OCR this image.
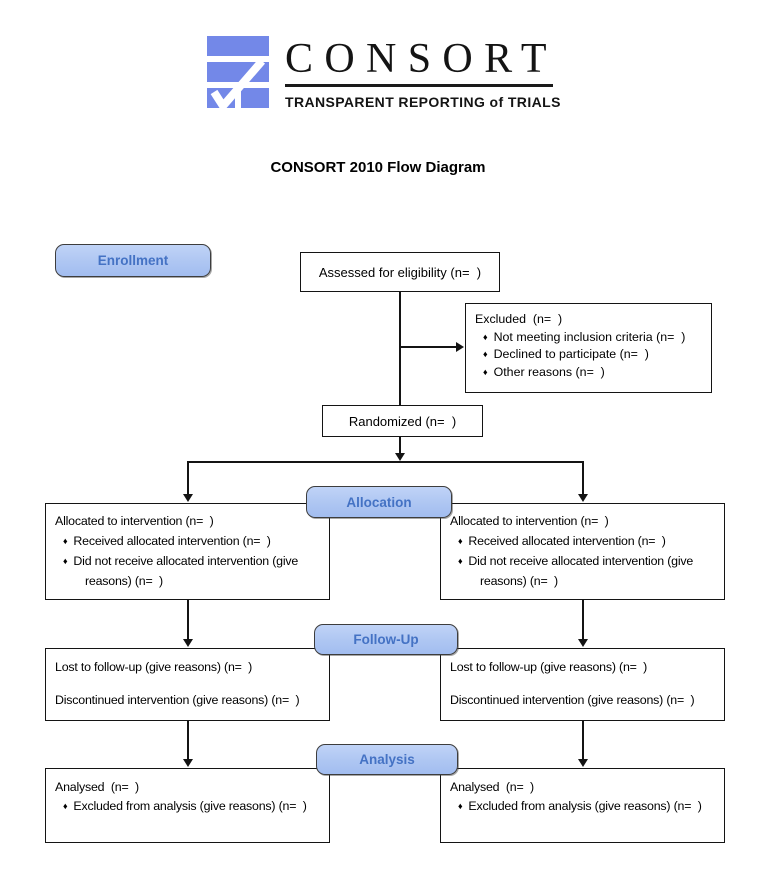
CONSORT
TRANSPARENT REPORTING of TRIALS
CONSORT 2010 Flow Diagram
Enrollment
Allocation
Follow-Up
Analysis
Assessed for eligibility (n=  )
Excluded  (n=  )
♦ Not meeting inclusion criteria (n=  )
♦ Declined to participate (n=  )
♦ Other reasons (n=  )
Randomized (n=  )
Allocated to intervention (n=  )
♦ Received allocated intervention (n=  )
♦ Did not receive allocated intervention (give reasons) (n=  )
Allocated to intervention (n=  )
♦ Received allocated intervention (n=  )
♦ Did not receive allocated intervention (give reasons) (n=  )

Lost to follow-up (give reasons) (n=  )

Discontinued intervention (give reasons) (n=  )

Lost to follow-up (give reasons) (n=  )

Discontinued intervention (give reasons) (n=  )

Analysed  (n=  )
♦ Excluded from analysis (give reasons) (n=  )
Analysed  (n=  )
♦ Excluded from analysis (give reasons) (n=  )
